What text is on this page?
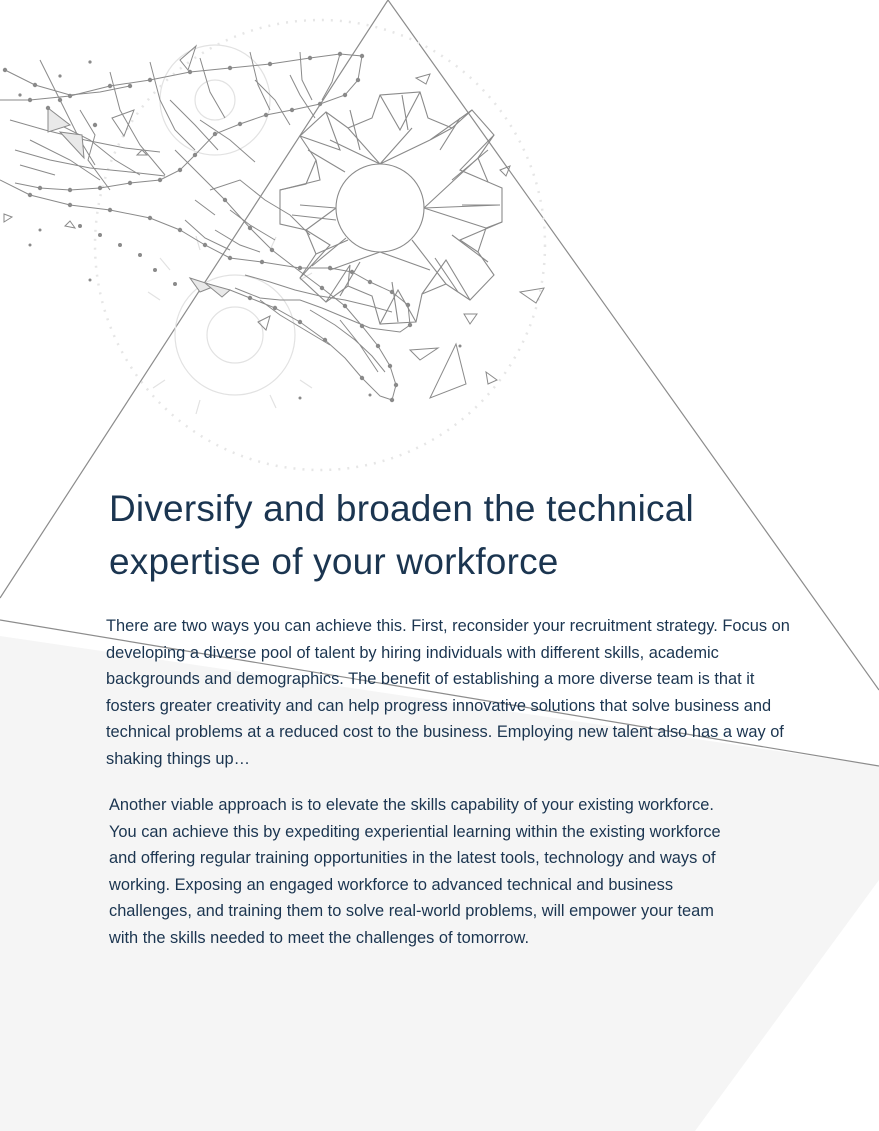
Diversify and broaden the technical
expertise of your workforce

There are two ways you can achieve this. First, reconsider your recruitment strategy. Focus on developing a diverse pool of talent by hiring individuals with different skills, academic backgrounds and demographics. The benefit of establishing a more diverse team is that it fosters greater creativity and can help progress innovative solutions that solve business and technical problems at a reduced cost to the business. Employing new talent also has a way of shaking things up…

Another viable approach is to elevate the skills capability of your existing workforce. You can achieve this by expediting experiential learning within the existing workforce and offering regular training opportunities in the latest tools, technology and ways of working. Exposing an engaged workforce to advanced technical and business challenges, and training them to solve real-world problems, will empower your team with the skills needed to meet the challenges of tomorrow.
